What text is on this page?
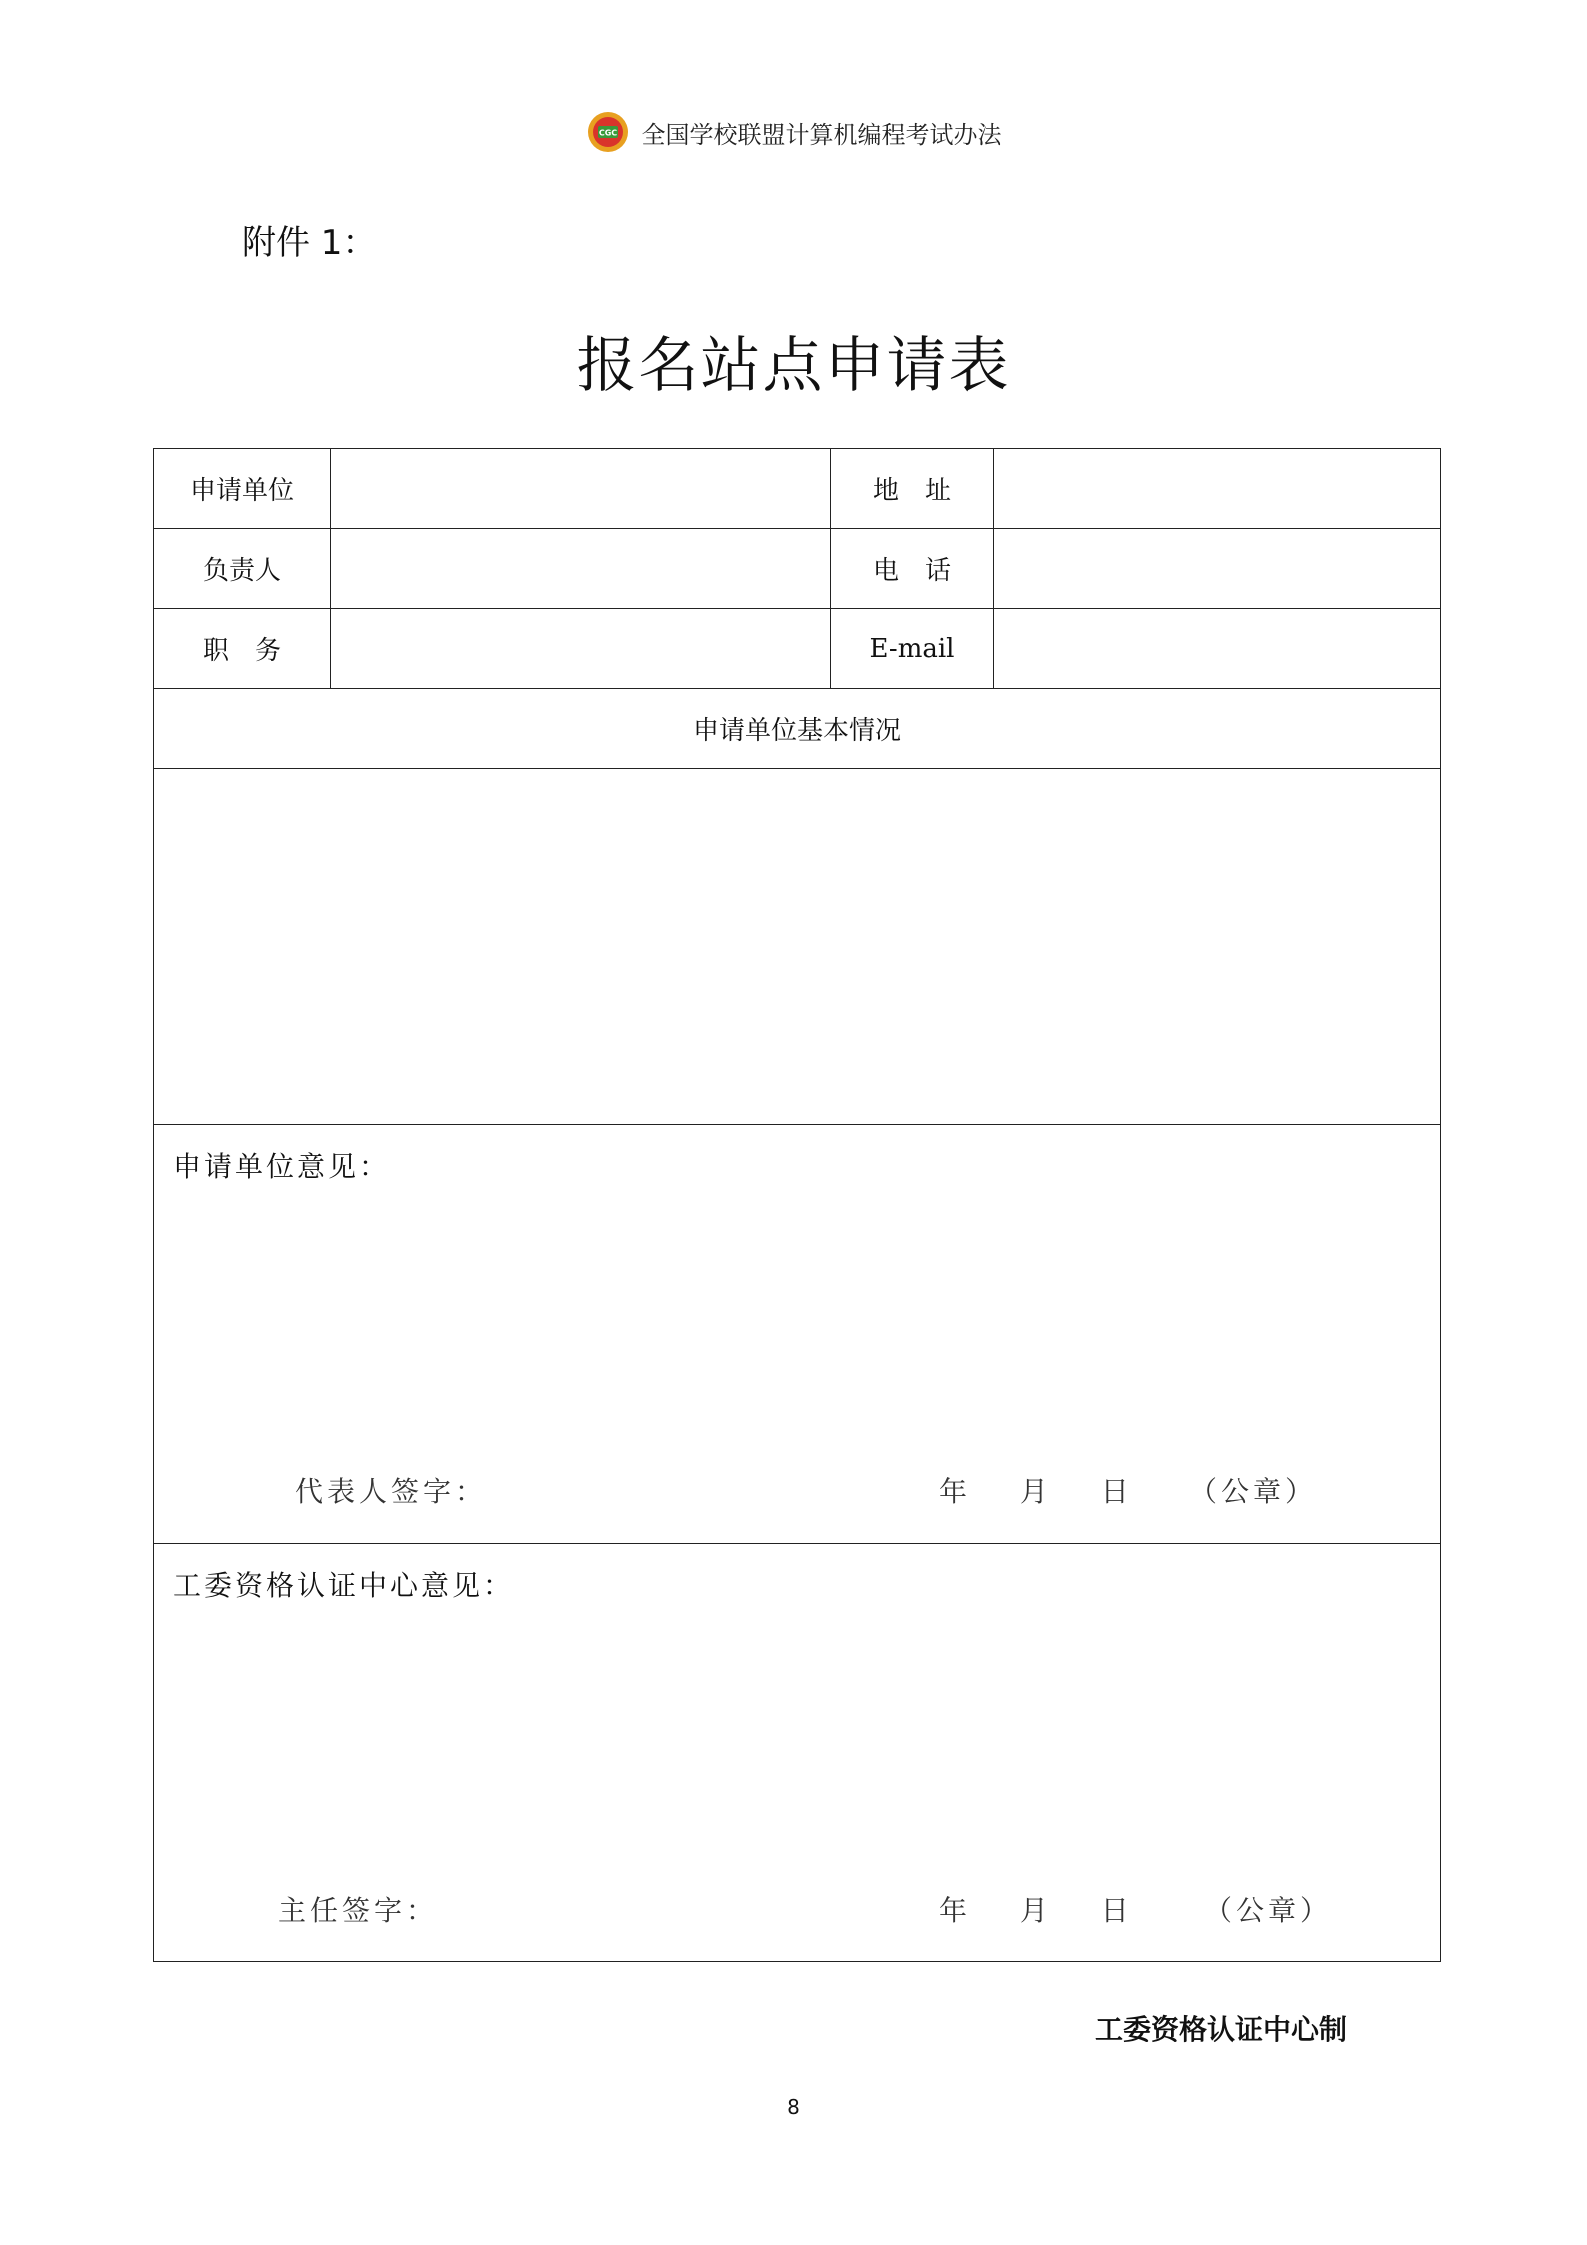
CGC 全国学校联盟计算机编程考试办法
附件 1：
报名站点申请表
申请单位	地　址
负责人	电　话
职　务	E-mail
申请单位基本情况
申请单位意见：
代表人签字：	年 月 日 （公章）
工委资格认证中心意见：
主任签字：	年 月 日	（公章）
工委资格认证中心制
8
